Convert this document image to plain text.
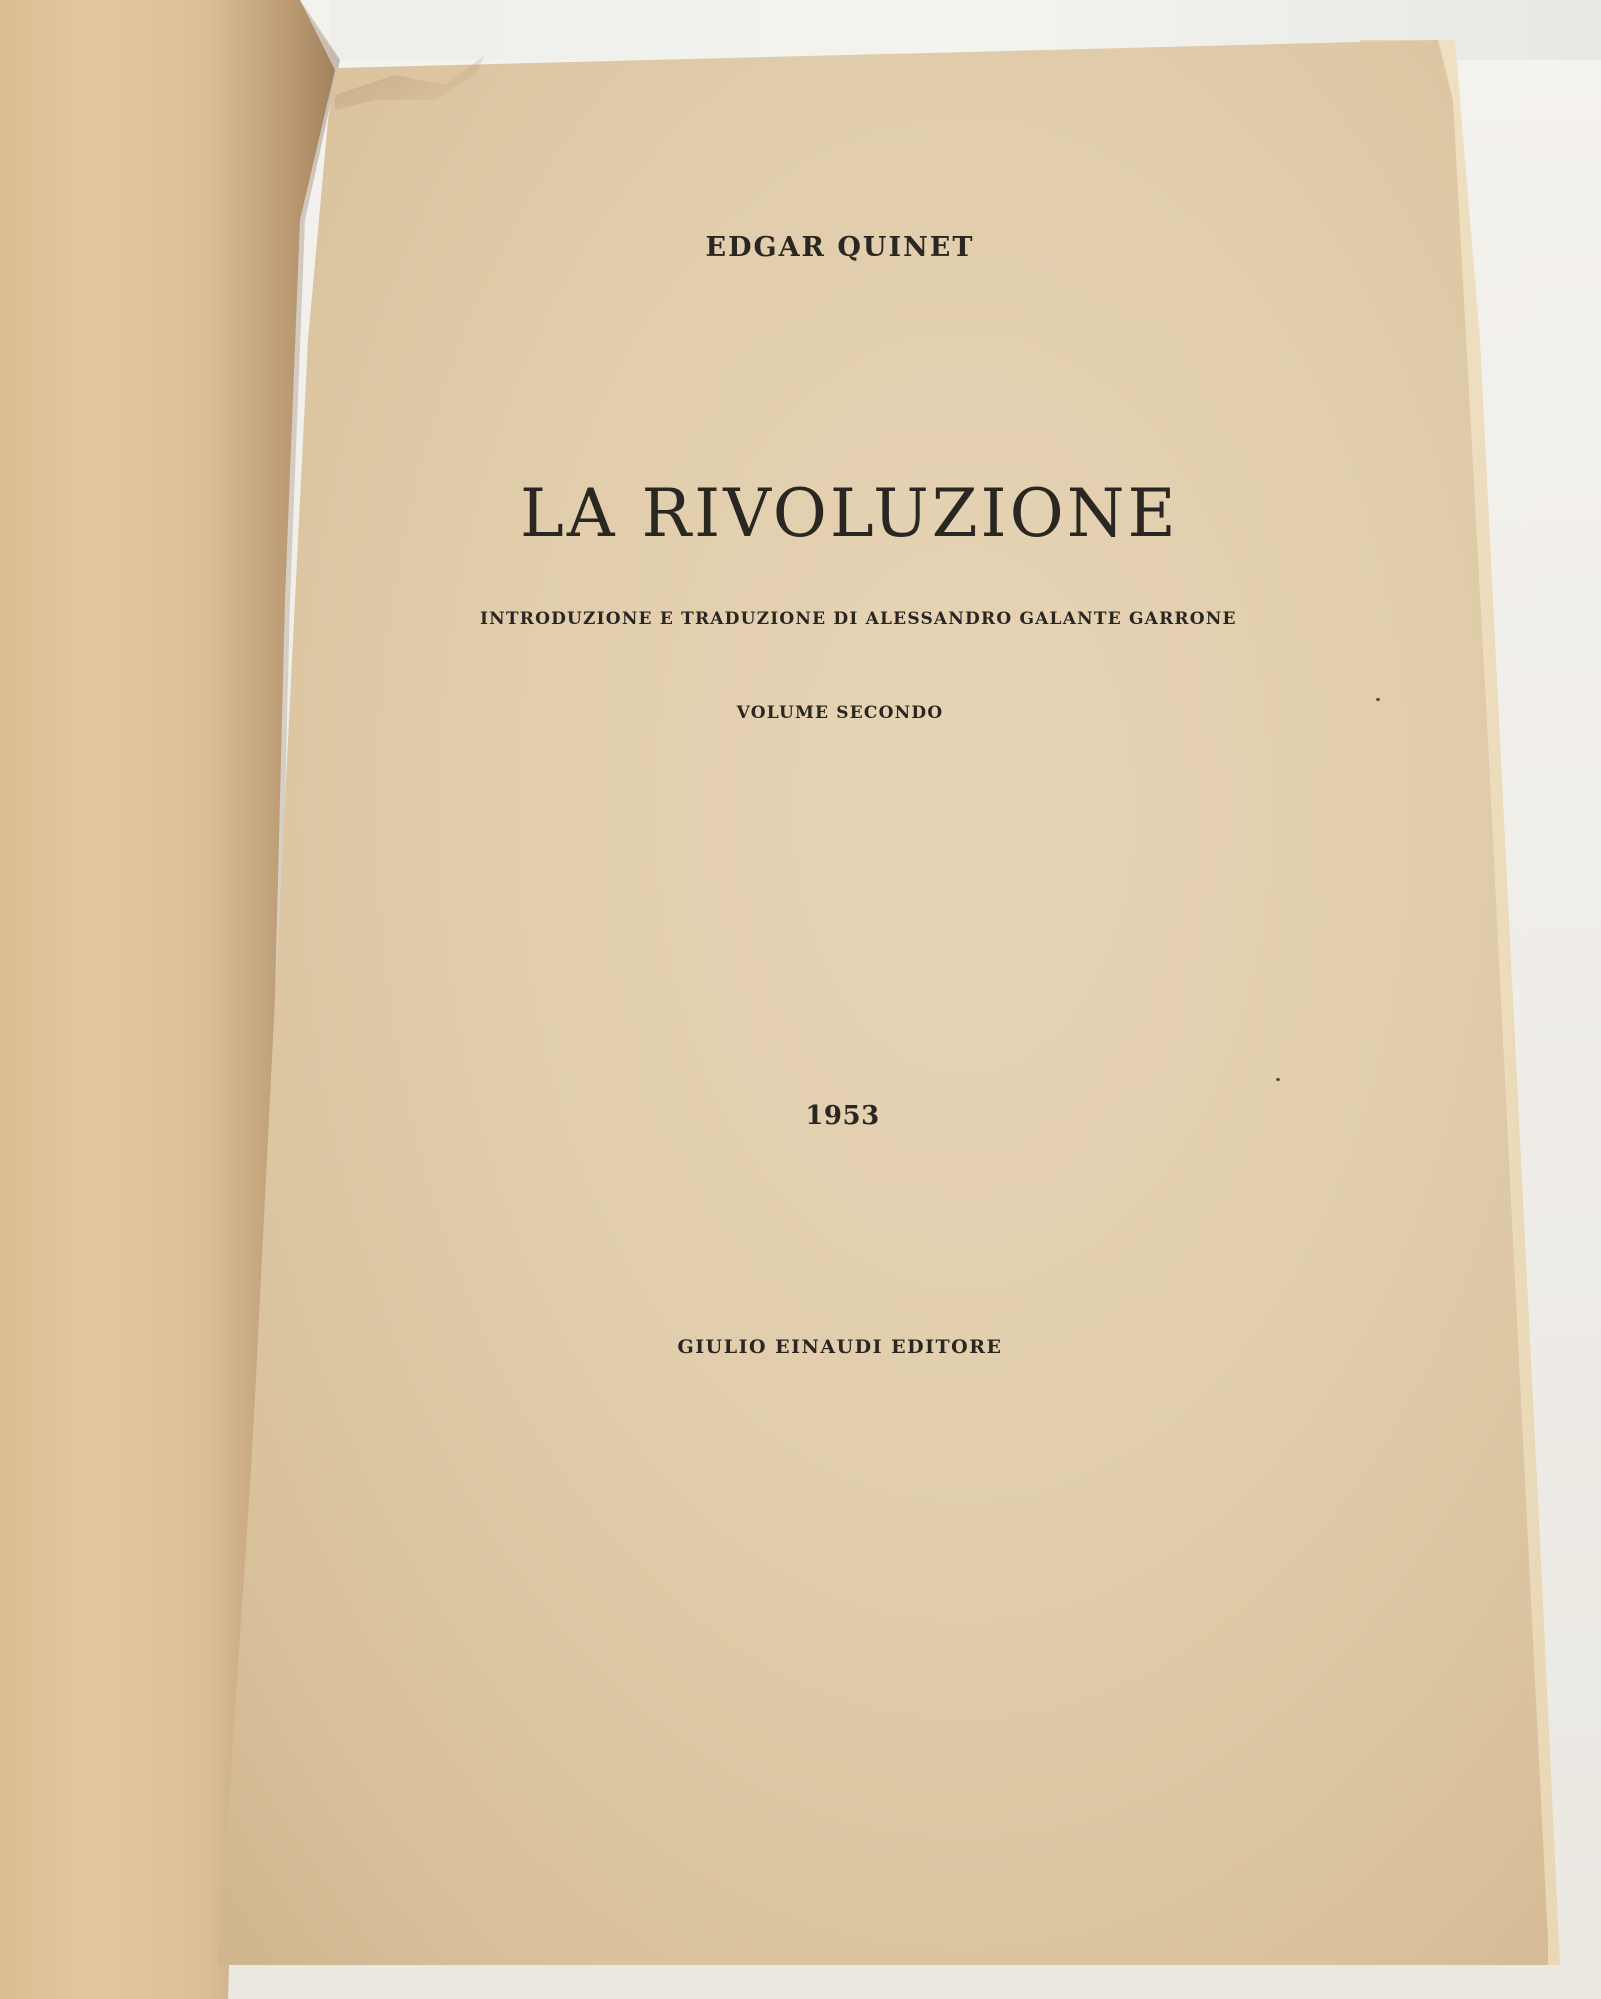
EDGAR QUINET
LA RIVOLUZIONE
INTRODUZIONE E TRADUZIONE DI ALESSANDRO GALANTE GARRONE
VOLUME SECONDO
1953
GIULIO EINAUDI EDITORE
